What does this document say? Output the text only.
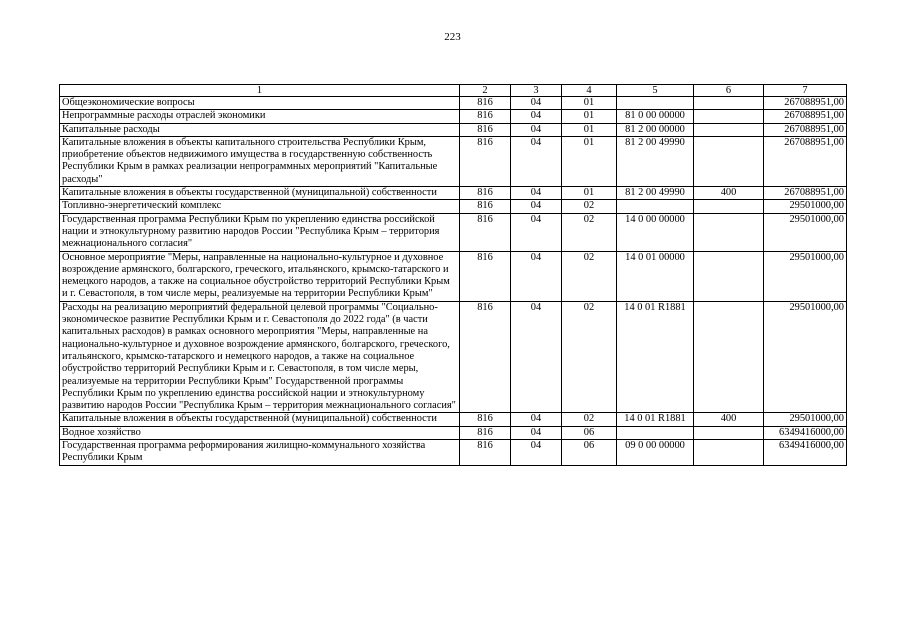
223
1	2	3	4	5	6	7
Общеэкономические вопросы	816	04	01			267088951,00
Непрограммные расходы отраслей экономики	816	04	01	81 0 00 00000		267088951,00
Капитальные расходы	816	04	01	81 2 00 00000		267088951,00
Капитальные вложения в объекты капитального строительства Республики Крым, приобретение объектов недвижимого имущества в государственную собственность Республики Крым в рамках реализации непрограммных мероприятий "Капитальные расходы"	816	04	01	81 2 00 49990		267088951,00
Капитальные вложения в объекты государственной (муниципальной) собственности	816	04	01	81 2 00 49990	400	267088951,00
Топливно-энергетический комплекс	816	04	02			29501000,00
Государственная программа Республики Крым по укреплению единства российской нации и этнокультурному развитию народов России "Республика Крым – территория межнационального согласия"	816	04	02	14 0 00 00000		29501000,00
Основное мероприятие "Меры, направленные на национально-культурное и духовное возрождение армянского, болгарского, греческого, итальянского, крымско-татарского и немецкого народов, а также на социальное обустройство территорий Республики Крым и г. Севастополя, в том числе меры, реализуемые на территории Республики Крым"	816	04	02	14 0 01 00000		29501000,00
Расходы на реализацию мероприятий федеральной целевой программы "Социально-экономическое развитие Республики Крым и г. Севастополя до 2022 года" (в части капитальных расходов) в рамках основного мероприятия "Меры, направленные на национально-культурное и духовное возрождение армянского, болгарского, греческого, итальянского, крымско-татарского и немецкого народов, а также на социальное обустройство территорий Республики Крым и г. Севастополя, в том числе меры, реализуемые на территории Республики Крым" Государственной программы Республики Крым по укреплению единства российской нации и этнокультурному развитию народов России "Республика Крым – территория межнационального согласия"	816	04	02	14 0 01 R1881		29501000,00
Капитальные вложения в объекты государственной (муниципальной) собственности	816	04	02	14 0 01 R1881	400	29501000,00
Водное хозяйство	816	04	06			6349416000,00
Государственная программа реформирования жилищно-коммунального хозяйства Республики Крым	816	04	06	09 0 00 00000		6349416000,00
